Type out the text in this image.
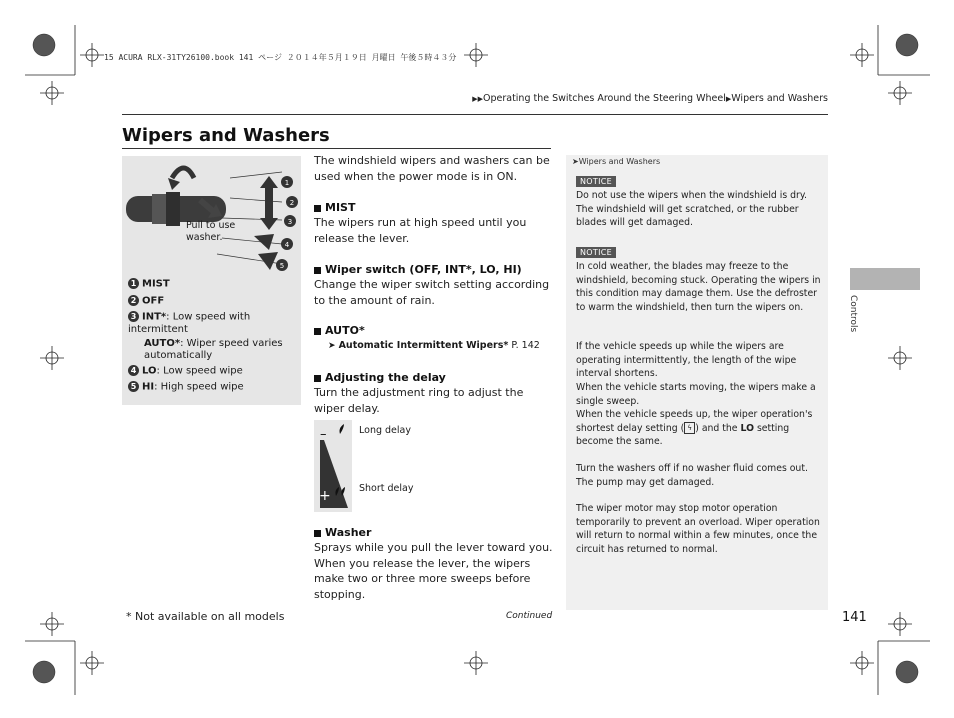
15 ACURA RLX-31TY26100.book 141 ページ ２０１４年５月１９日 月曜日 午後５時４３分
▶▶Operating the Switches Around the Steering Wheel▶Wipers and Washers
Wipers and Washers
1
2
3
4
5
Pull to use washer.
1 MIST
2 OFF
3 INT*: Low speed with intermittent
AUTO*: Wiper speed varies automatically
4 LO: Low speed wipe
5 HI: High speed wipe
The windshield wipers and washers can be used when the power mode is in ON.
MIST
The wipers run at high speed until you release the lever.
Wiper switch (OFF, INT*, LO, HI)
Change the wiper switch setting according to the amount of rain.
AUTO*
➤ Automatic Intermittent Wipers* P. 142
Adjusting the delay
Turn the adjustment ring to adjust the wiper delay.
–
+
Long delay
Short delay
Washer
Sprays while you pull the lever toward you. When you release the lever, the wipers make two or three more sweeps before stopping.
➤Wipers and Washers
NOTICE
Do not use the wipers when the windshield is dry. The windshield will get scratched, or the rubber blades will get damaged.
NOTICE
In cold weather, the blades may freeze to the windshield, becoming stuck. Operating the wipers in this condition may damage them. Use the defroster to warm the windshield, then turn the wipers on.
If the vehicle speeds up while the wipers are operating intermittently, the length of the wipe interval shortens.
When the vehicle starts moving, the wipers make a single sweep.
When the vehicle speeds up, the wiper operation's shortest delay setting ( ϟ ) and the LO setting become the same.
Turn the washers off if no washer fluid comes out. The pump may get damaged.
The wiper motor may stop motor operation temporarily to prevent an overload. Wiper operation will return to normal within a few minutes, once the circuit has returned to normal.
Controls
* Not available on all models	Continued	141
